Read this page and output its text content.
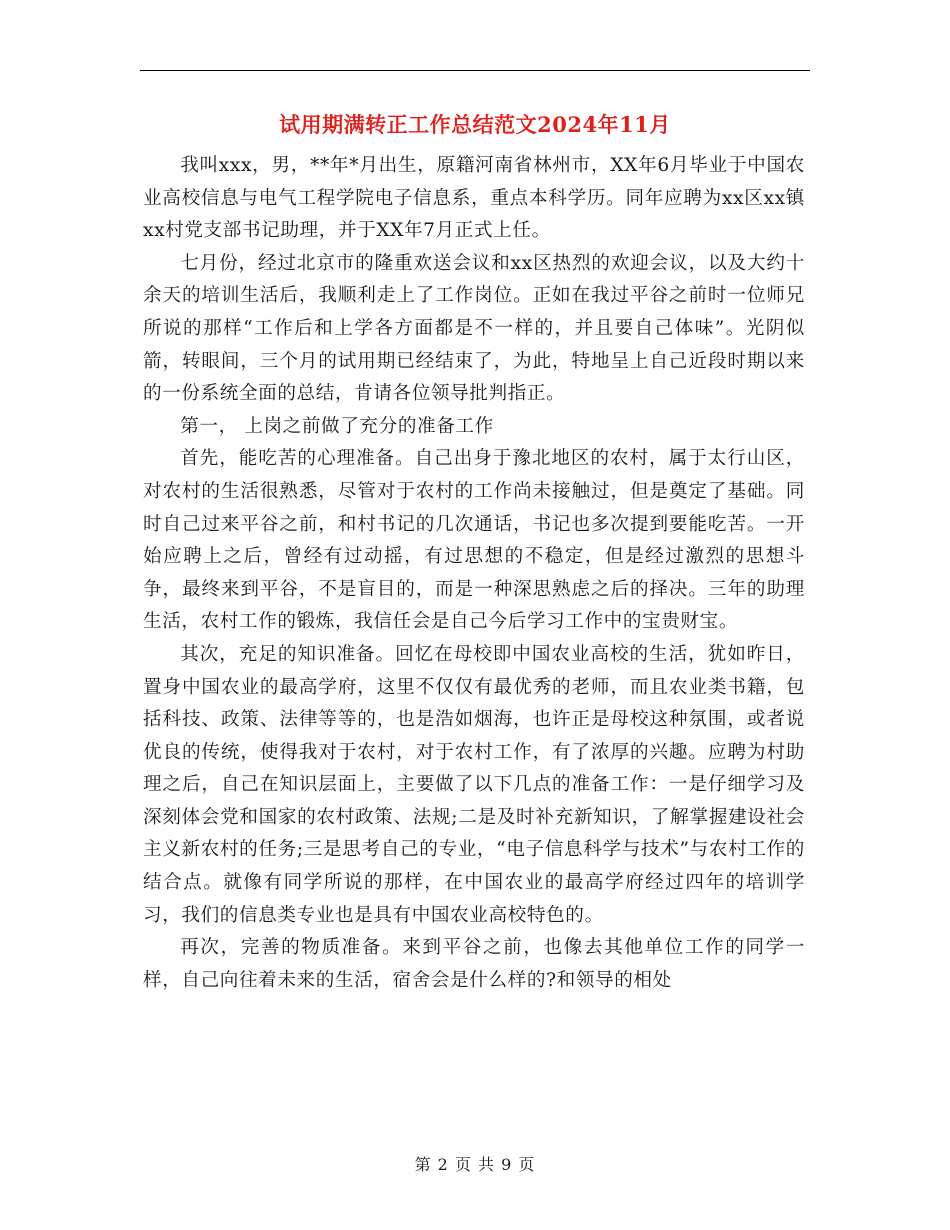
试用期满转正工作总结范文2024年11月

我叫xxx，男，**年*月出生，原籍河南省林州市，XX年6月毕业于中国农业高校信息与电气工程学院电子信息系，重点本科学历。同年应聘为xx区xx镇xx村党支部书记助理，并于XX年7月正式上任。

七月份，经过北京市的隆重欢送会议和xx区热烈的欢迎会议，以及大约十余天的培训生活后，我顺利走上了工作岗位。正如在我过平谷之前时一位师兄所说的那样“工作后和上学各方面都是不一样的，并且要自己体味”。光阴似箭，转眼间，三个月的试用期已经结束了，为此，特地呈上自己近段时期以来的一份系统全面的总结，肯请各位领导批判指正。

第一， 上岗之前做了充分的准备工作

首先，能吃苦的心理准备。自己出身于豫北地区的农村，属于太行山区，对农村的生活很熟悉，尽管对于农村的工作尚未接触过，但是奠定了基础。同时自己过来平谷之前，和村书记的几次通话，书记也多次提到要能吃苦。一开始应聘上之后，曾经有过动摇，有过思想的不稳定，但是经过激烈的思想斗争，最终来到平谷，不是盲目的，而是一种深思熟虑之后的择决。三年的助理生活，农村工作的锻炼，我信任会是自己今后学习工作中的宝贵财宝。

其次，充足的知识准备。回忆在母校即中国农业高校的生活，犹如昨日，置身中国农业的最高学府，这里不仅仅有最优秀的老师，而且农业类书籍，包括科技、政策、法律等等的，也是浩如烟海，也许正是母校这种氛围，或者说优良的传统，使得我对于农村，对于农村工作，有了浓厚的兴趣。应聘为村助理之后，自己在知识层面上，主要做了以下几点的准备工作：一是仔细学习及深刻体会党和国家的农村政策、法规;二是及时补充新知识，了解掌握建设社会主义新农村的任务;三是思考自己的专业，“电子信息科学与技术”与农村工作的结合点。就像有同学所说的那样，在中国农业的最高学府经过四年的培训学习，我们的信息类专业也是具有中国农业高校特色的。

再次，完善的物质准备。来到平谷之前，也像去其他单位工作的同学一样，自己向往着未来的生活，宿舍会是什么样的?和领导的相处

第 2 页 共 9 页
